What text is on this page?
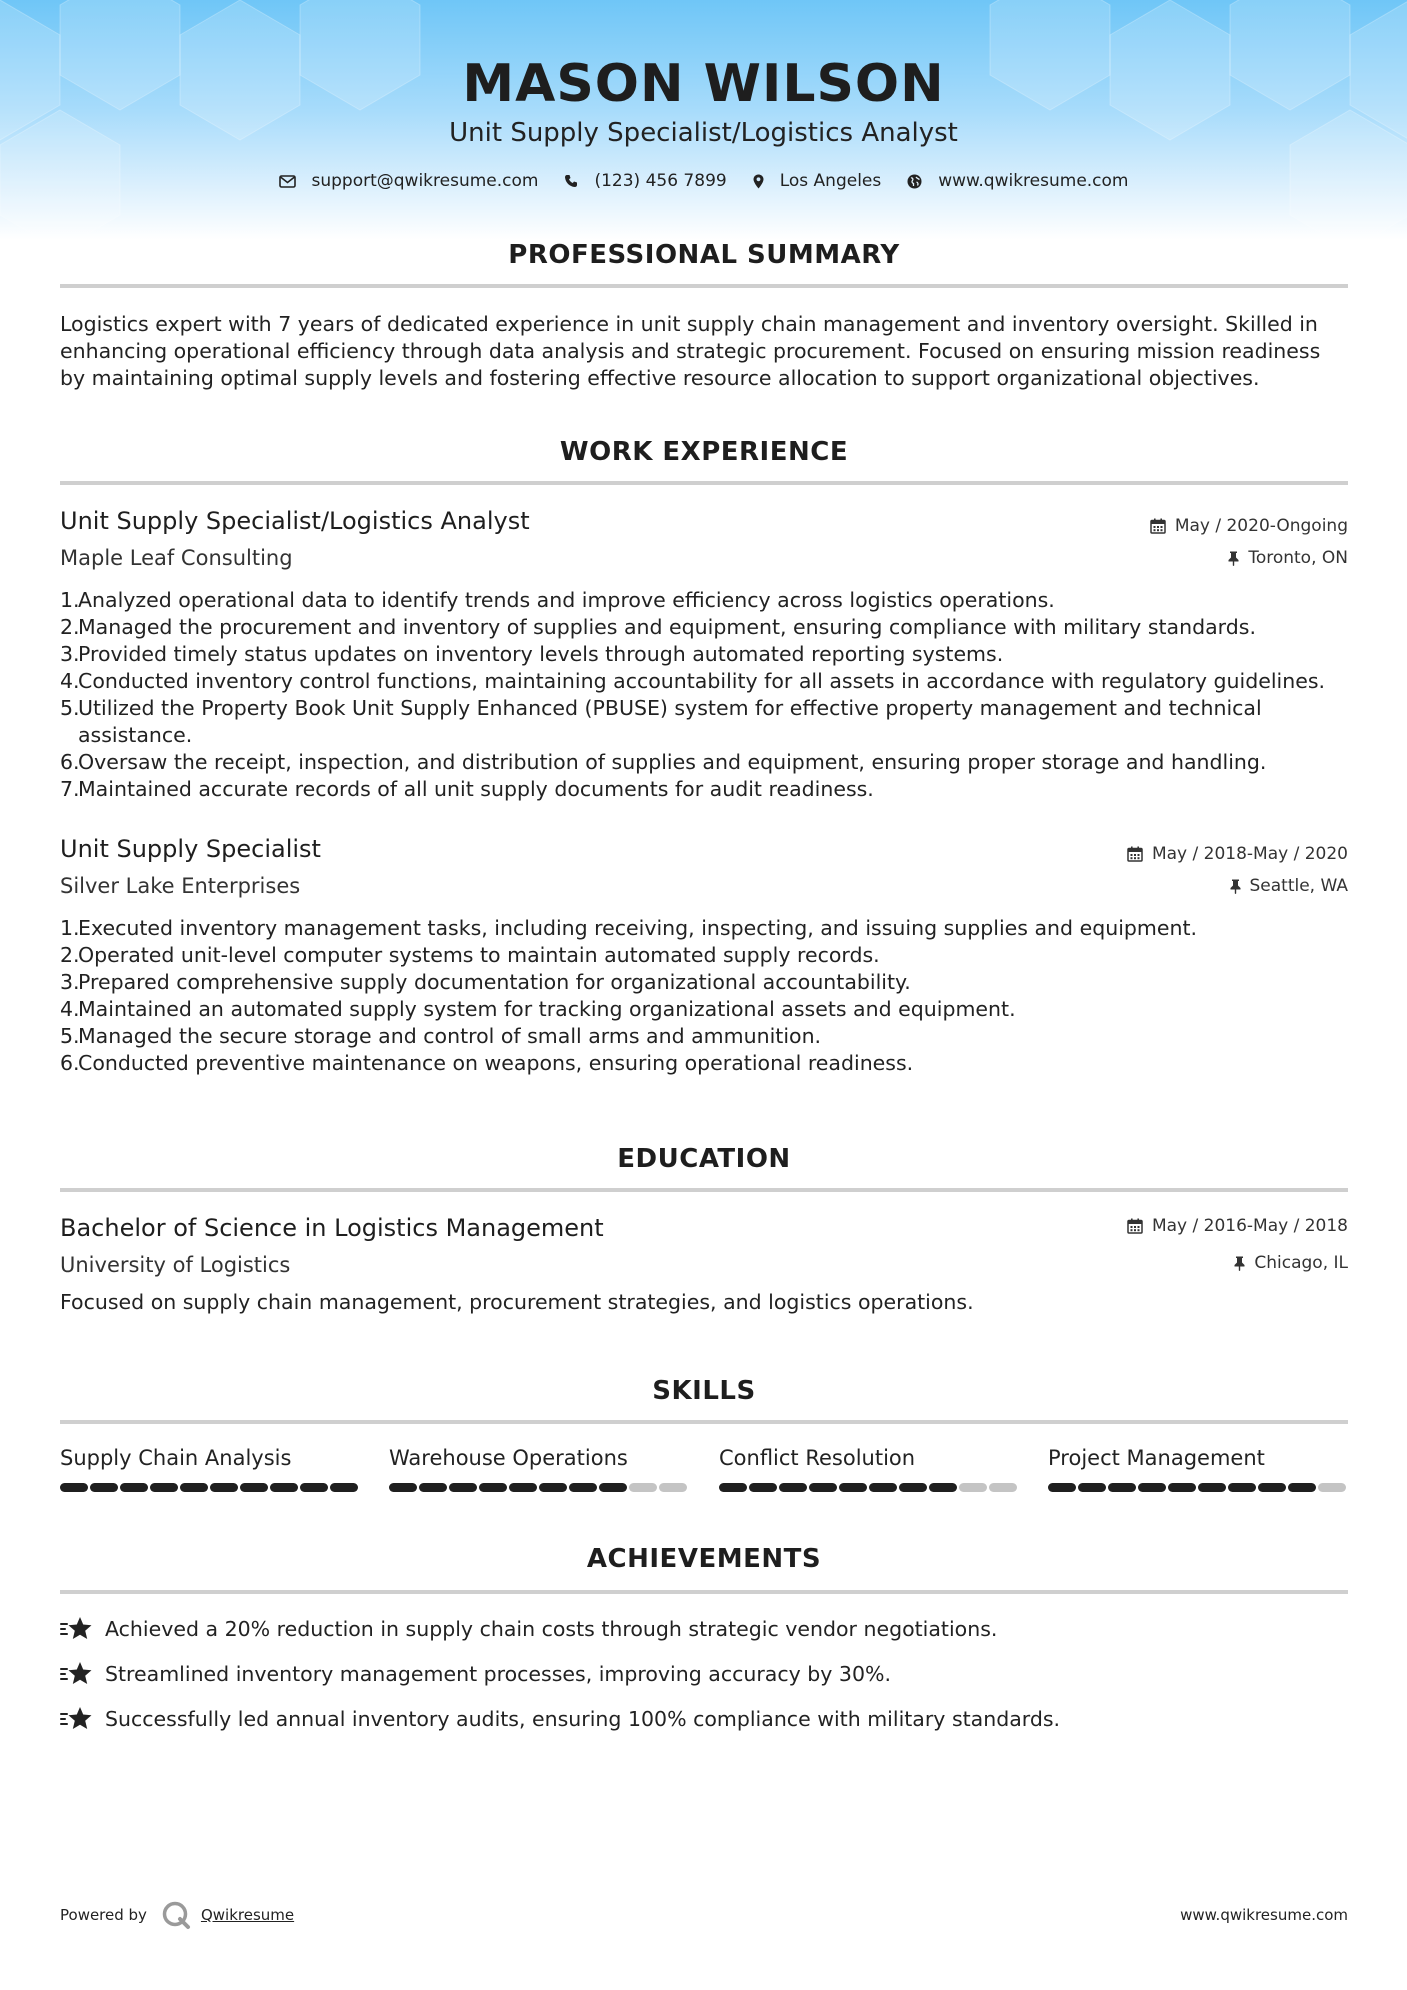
MASON WILSON
Unit Supply Specialist/Logistics Analyst
support@qwikresume.com	(123) 456 7899	Los Angeles	www.qwikresume.com
PROFESSIONAL SUMMARY
Logistics expert with 7 years of dedicated experience in unit supply chain management and inventory oversight. Skilled in
enhancing operational efficiency through data analysis and strategic procurement. Focused on ensuring mission readiness
by maintaining optimal supply levels and fostering effective resource allocation to support organizational objectives.
WORK EXPERIENCE
Unit Supply Specialist/Logistics Analyst	May / 2020-Ongoing
Maple Leaf Consulting	Toronto, ON
1.
Analyzed operational data to identify trends and improve efficiency across logistics operations.
2.
Managed the procurement and inventory of supplies and equipment, ensuring compliance with military standards.
3.
Provided timely status updates on inventory levels through automated reporting systems.
4.
Conducted inventory control functions, maintaining accountability for all assets in accordance with regulatory guidelines.
5.
Utilized the Property Book Unit Supply Enhanced (PBUSE) system for effective property management and technical
assistance.
6.
Oversaw the receipt, inspection, and distribution of supplies and equipment, ensuring proper storage and handling.
7.
Maintained accurate records of all unit supply documents for audit readiness.
Unit Supply Specialist	May / 2018-May / 2020
Silver Lake Enterprises	Seattle, WA
1.
Executed inventory management tasks, including receiving, inspecting, and issuing supplies and equipment.
2.
Operated unit-level computer systems to maintain automated supply records.
3.
Prepared comprehensive supply documentation for organizational accountability.
4.
Maintained an automated supply system for tracking organizational assets and equipment.
5.
Managed the secure storage and control of small arms and ammunition.
6.
Conducted preventive maintenance on weapons, ensuring operational readiness.
EDUCATION
Bachelor of Science in Logistics Management	May / 2016-May / 2018
University of Logistics	Chicago, IL
Focused on supply chain management, procurement strategies, and logistics operations.
SKILLS
Supply Chain Analysis	Warehouse Operations	Conflict Resolution	Project Management
ACHIEVEMENTS
Achieved a 20% reduction in supply chain costs through strategic vendor negotiations.
Streamlined inventory management processes, improving accuracy by 30%.
Successfully led annual inventory audits, ensuring 100% compliance with military standards.
Powered by	Qwikresume	www.qwikresume.com
